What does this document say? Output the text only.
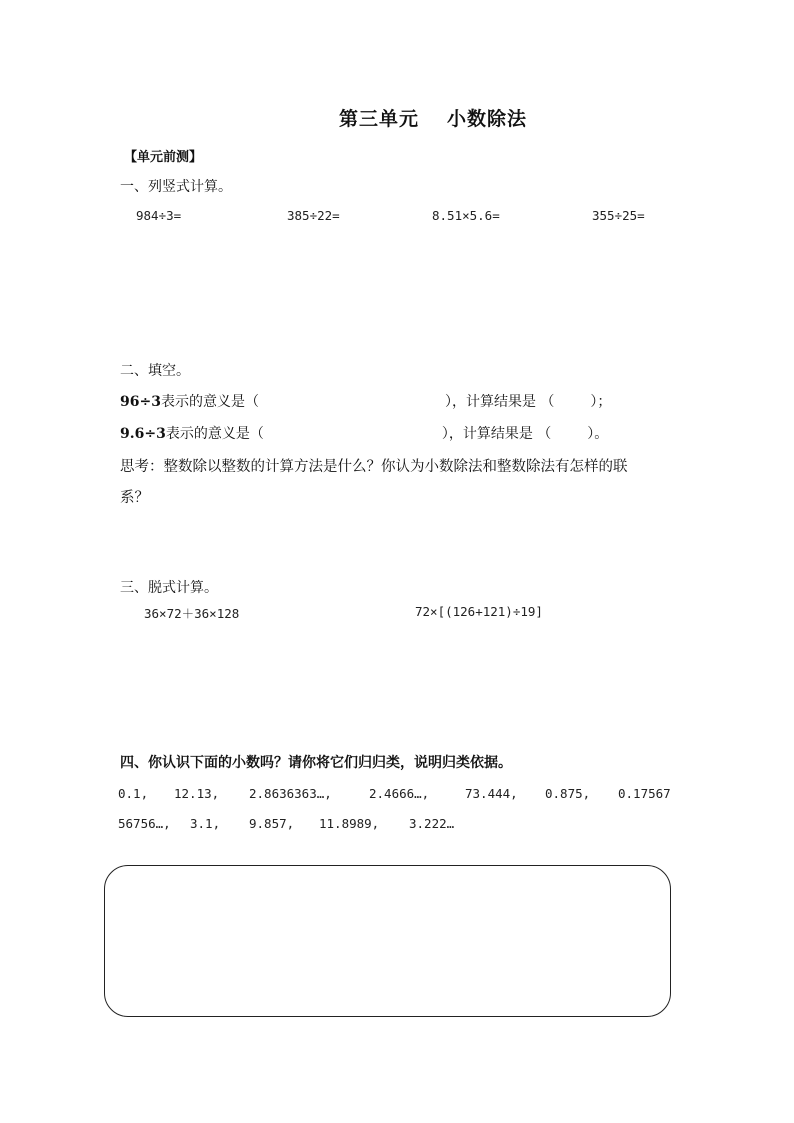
第三单元 小数除法
【单元前测】
一、列竖式计算。
984÷3=	385÷22=	8.51×5.6=	355÷25=
二、填空。
96÷3表示的意义是（	），计算结果是 （	）；
9.6÷3表示的意义是（	），计算结果是 （	）。
思考：整数除以整数的计算方法是什么？你认为小数除法和整数除法有怎样的联
系？
三、脱式计算。
36×72＋36×128	72×[(126+121)÷19]
四、你认识下面的小数吗？请你将它们归归类，说明归类依据。
0.1, 12.13, 2.8636363…,	2.4666…,	73.444, 0.875, 0.17567
56756…, 3.1, 9.857, 11.8989, 3.222…
